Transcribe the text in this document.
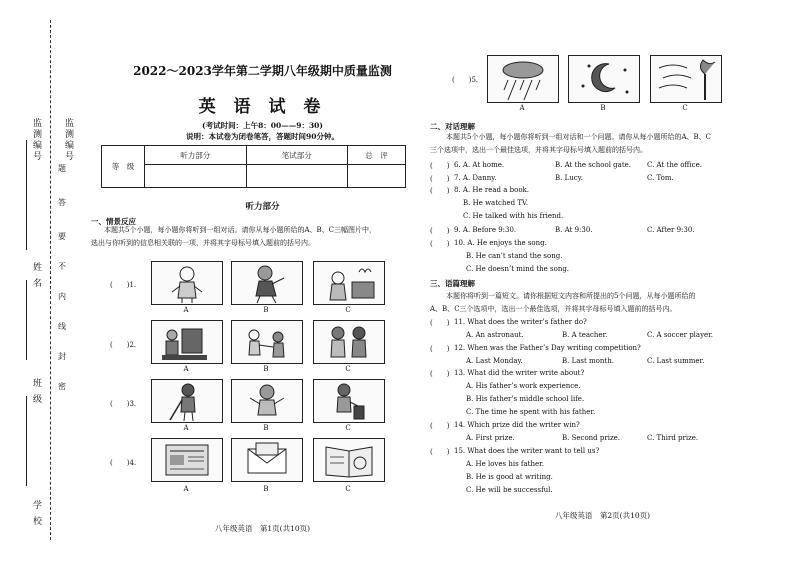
监测编号
监测编号
姓 名
班 级
学 校
题
答
要
不
内
线
封
密
2022～2023学年第二学期八年级期中质量监测
英 语 试 卷
(考试时间：上午8：00——9：30)
说明：本试卷为闭卷笔答，答题时间90分钟。
等　级	听力部分	笔试部分	总　评

听力部分
一、情景反应
本题共5个小题，每小题你将听到一组对话。请你从每小题所给的A、B、C三幅图片中，
选出与你听到的信息相关联的一项，并将其字母标号填入题前的括号内。
(　　)1.
(　　)2.
(　　)3.
(　　)4.
A	B	C
A	B	C
A	B	C
A	B	C
八年级英语　第1页(共10页)
(　　)5.
A	B	C
二、对话理解
本题共5个小题，每小题你将听到一组对话和一个问题。请你从每小题所给的A、B、C
三个选项中，选出一个最佳选项，并将其字母标号填入题前的括号内。
(　　) 6. A. At home.	B. At the school gate. C. At the office.
(　　) 7. A. Danny.	B. Lucy.	C. Tom.
(　　) 8. A. He read a book.
B. He watched TV.
C. He talked with his friend.
(　　) 9. A. Before 9:30.	B. At 9:30.	C. After 9:30.
(　　) 10. A. He enjoys the song.
B. He can’t stand the song.
C. He doesn’t mind the song.
三、语篇理解
本题你将听到一篇短文。请你根据短文内容和所提出的5个问题，从每小题所给的
A、B、C三个选项中，选出一个最佳选项，并将其字母标号填入题前的括号内。
(　　) 11. What does the writer’s father do?
A. An astronaut.	B. A teacher.	C. A soccer player.
(　　) 12. When was the Father’s Day writing competition?
A. Last Monday.	B. Last month.	C. Last summer.
(　　) 13. What did the writer write about?
A. His father’s work experience.
B. His father’s middle school life.
C. The time he spent with his father.
(　　) 14. Which prize did the writer win?
A. First prize.	B. Second prize.	C. Third prize.
(　　) 15. What does the writer want to tell us?
A. He loves his father.
B. He is good at writing.
C. He will be successful.
八年级英语　第2页(共10页)
